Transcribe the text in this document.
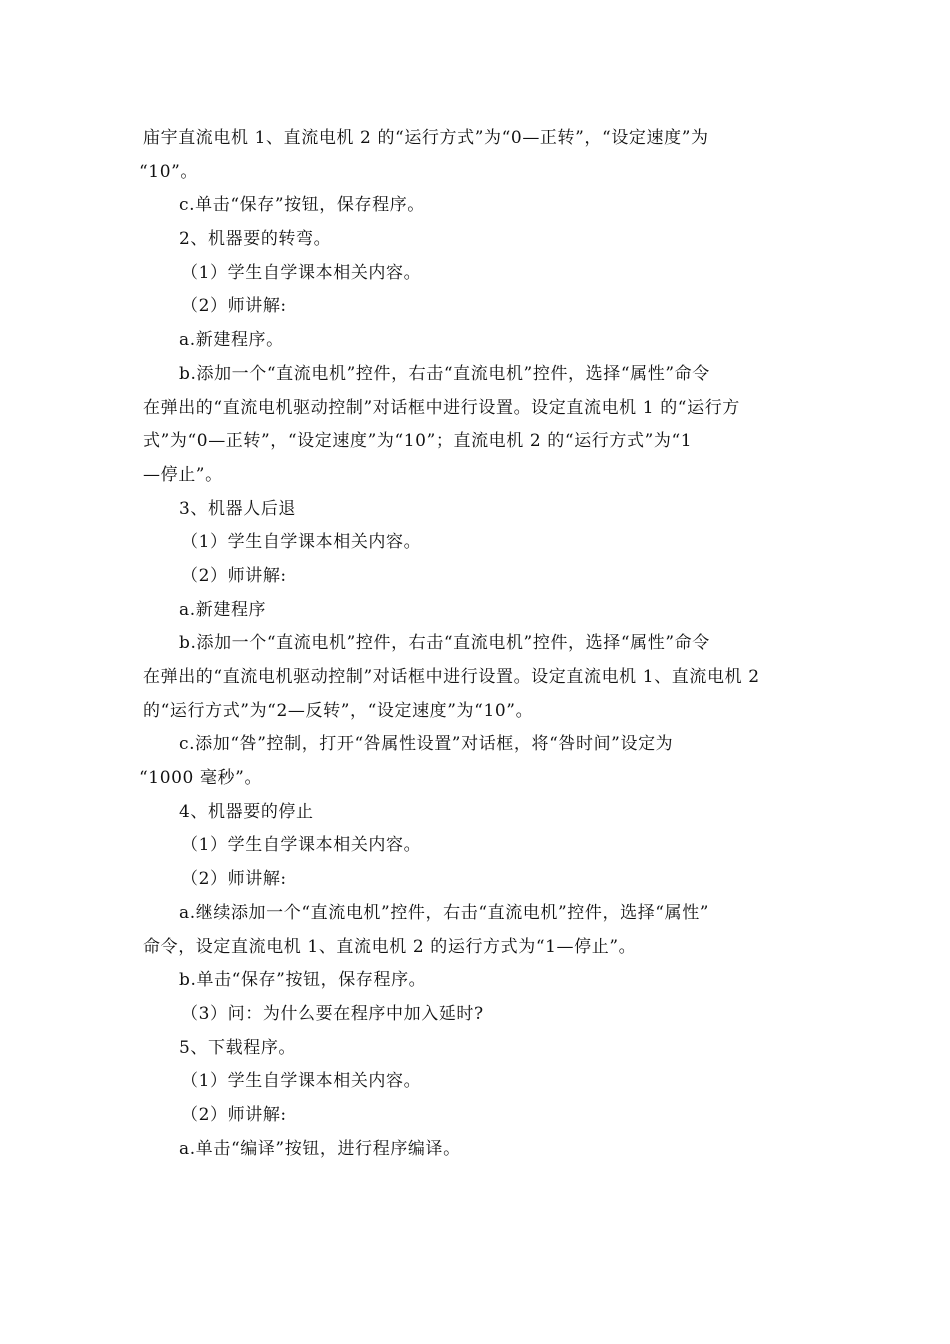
庙宇直流电机 1、直流电机 2 的“运行方式”为“0—正转”，“设定速度”为
“10”。
c.单击“保存”按钮，保存程序。
2、机器要的转弯。
（1）学生自学课本相关内容。
（2）师讲解:
a.新建程序。
b.添加一个“直流电机”控件，右击“直流电机”控件，选择“属性”命令
在弹出的“直流电机驱动控制”对话框中进行设置。设定直流电机 1 的“运行方
式”为“0—正转”，“设定速度”为“10”；直流电机 2 的“运行方式”为“1
—停止”。
3、机器人后退
（1）学生自学课本相关内容。
（2）师讲解:
a.新建程序
b.添加一个“直流电机”控件，右击“直流电机”控件，选择“属性”命令
在弹出的“直流电机驱动控制”对话框中进行设置。设定直流电机 1、直流电机 2
的“运行方式”为“2—反转”，“设定速度”为“10”。
c.添加“咎”控制，打开“咎属性设置”对话框，将“咎时间”设定为
“1000 毫秒”。
4、机器要的停止
（1）学生自学课本相关内容。
（2）师讲解:
a.继续添加一个“直流电机”控件，右击“直流电机”控件，选择“属性”
命令，设定直流电机 1、直流电机 2 的运行方式为“1—停止”。
b.单击“保存”按钮，保存程序。
（3）问：为什么要在程序中加入延时?
5、下载程序。
（1）学生自学课本相关内容。
（2）师讲解:
a.单击“编译”按钮，进行程序编译。
